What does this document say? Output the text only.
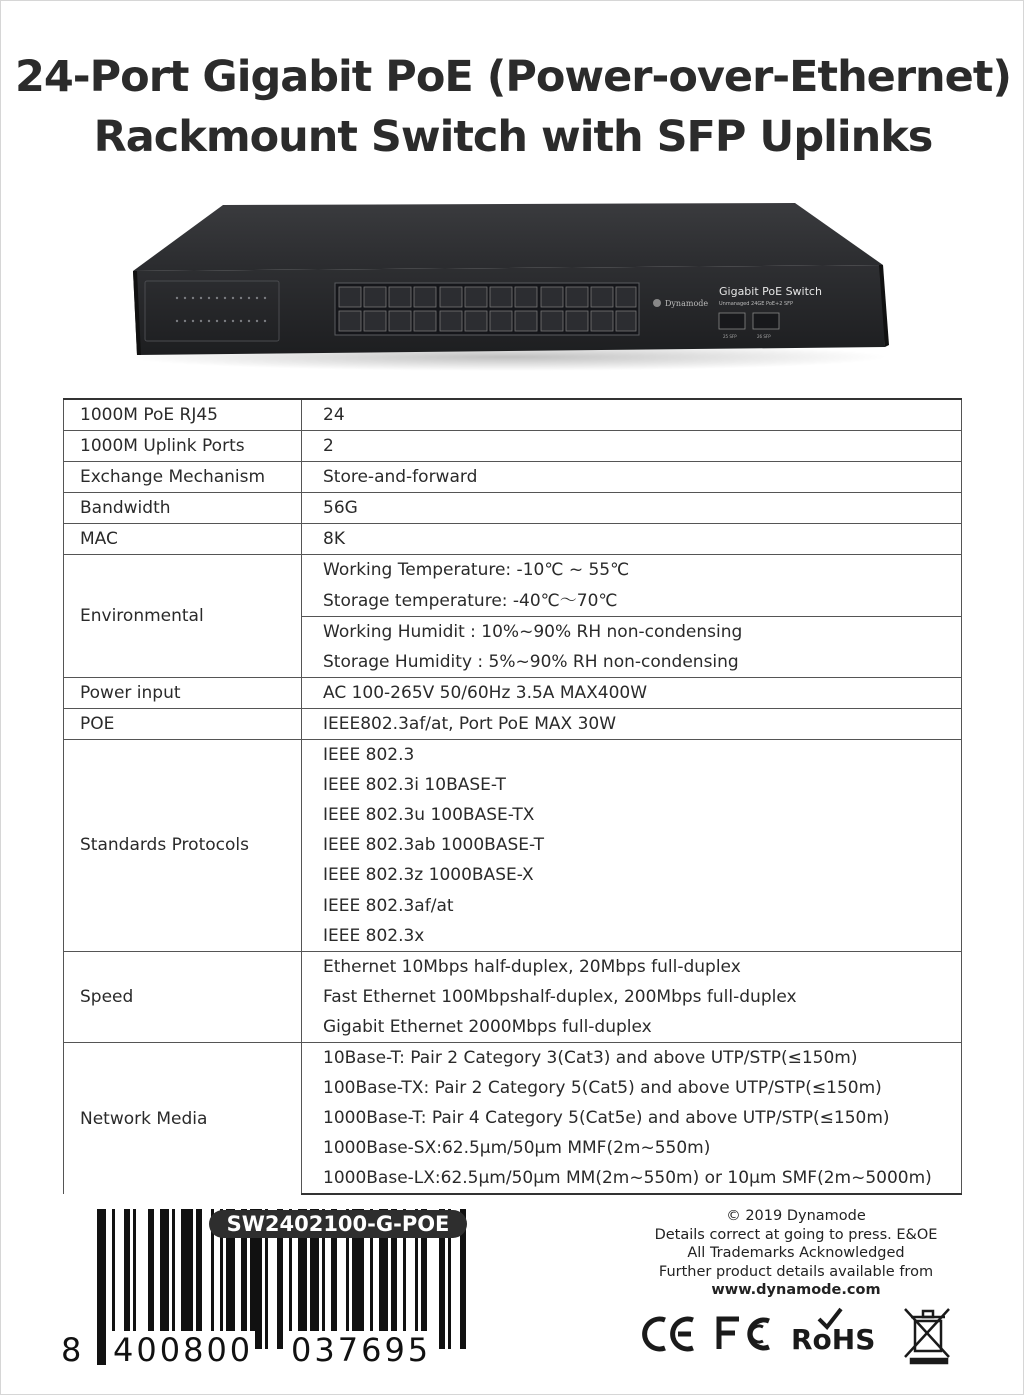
24-Port Gigabit PoE (Power-over-Ethernet)
Rackmount Switch with SFP Uplinks
Dynamode
Gigabit PoE Switch
Unmanaged 24GE PoE+2 SFP
25 SFP	26 SFP
1000M PoE RJ45	24

1000M Uplink Ports	2

Exchange Mechanism	Store-and-forward

Bandwidth	56G

MAC	8K

Environmental	Working Temperature: -10℃ ~ 55℃

	Storage temperature: -40℃～70℃

	Working Humidit : 10%~90% RH non-condensing

	Storage Humidity : 5%~90% RH non-condensing

Power input	AC 100-265V 50/60Hz 3.5A MAX400W

POE	IEEE802.3af/at, Port PoE MAX 30W

Standards Protocols	IEEE 802.3

	IEEE 802.3i 10BASE-T

	IEEE 802.3u 100BASE-TX

	IEEE 802.3ab 1000BASE-T

	IEEE 802.3z 1000BASE-X

	IEEE 802.3af/at

	IEEE 802.3x

Speed	Ethernet 10Mbps half-duplex, 20Mbps full-duplex

	Fast Ethernet 100Mbpshalf-duplex, 200Mbps full-duplex

	Gigabit Ethernet 2000Mbps full-duplex

Network Media	10Base-T: Pair 2 Category 3(Cat3) and above UTP/STP(≤150m)

	100Base-TX: Pair 2 Category 5(Cat5) and above UTP/STP(≤150m)

	1000Base-T: Pair 4 Category 5(Cat5e) and above UTP/STP(≤150m)

	1000Base-SX:62.5μm/50μm MMF(2m~550m)

	1000Base-LX:62.5μm/50μm MM(2m~550m) or 10μm SMF(2m~5000m)
SW2402100-G-POE
8 400800 037695
© 2019 Dynamode
Details correct at going to press. E&OE
All Trademarks Acknowledged
Further product details available from
www.dynamode.com
RoHS
